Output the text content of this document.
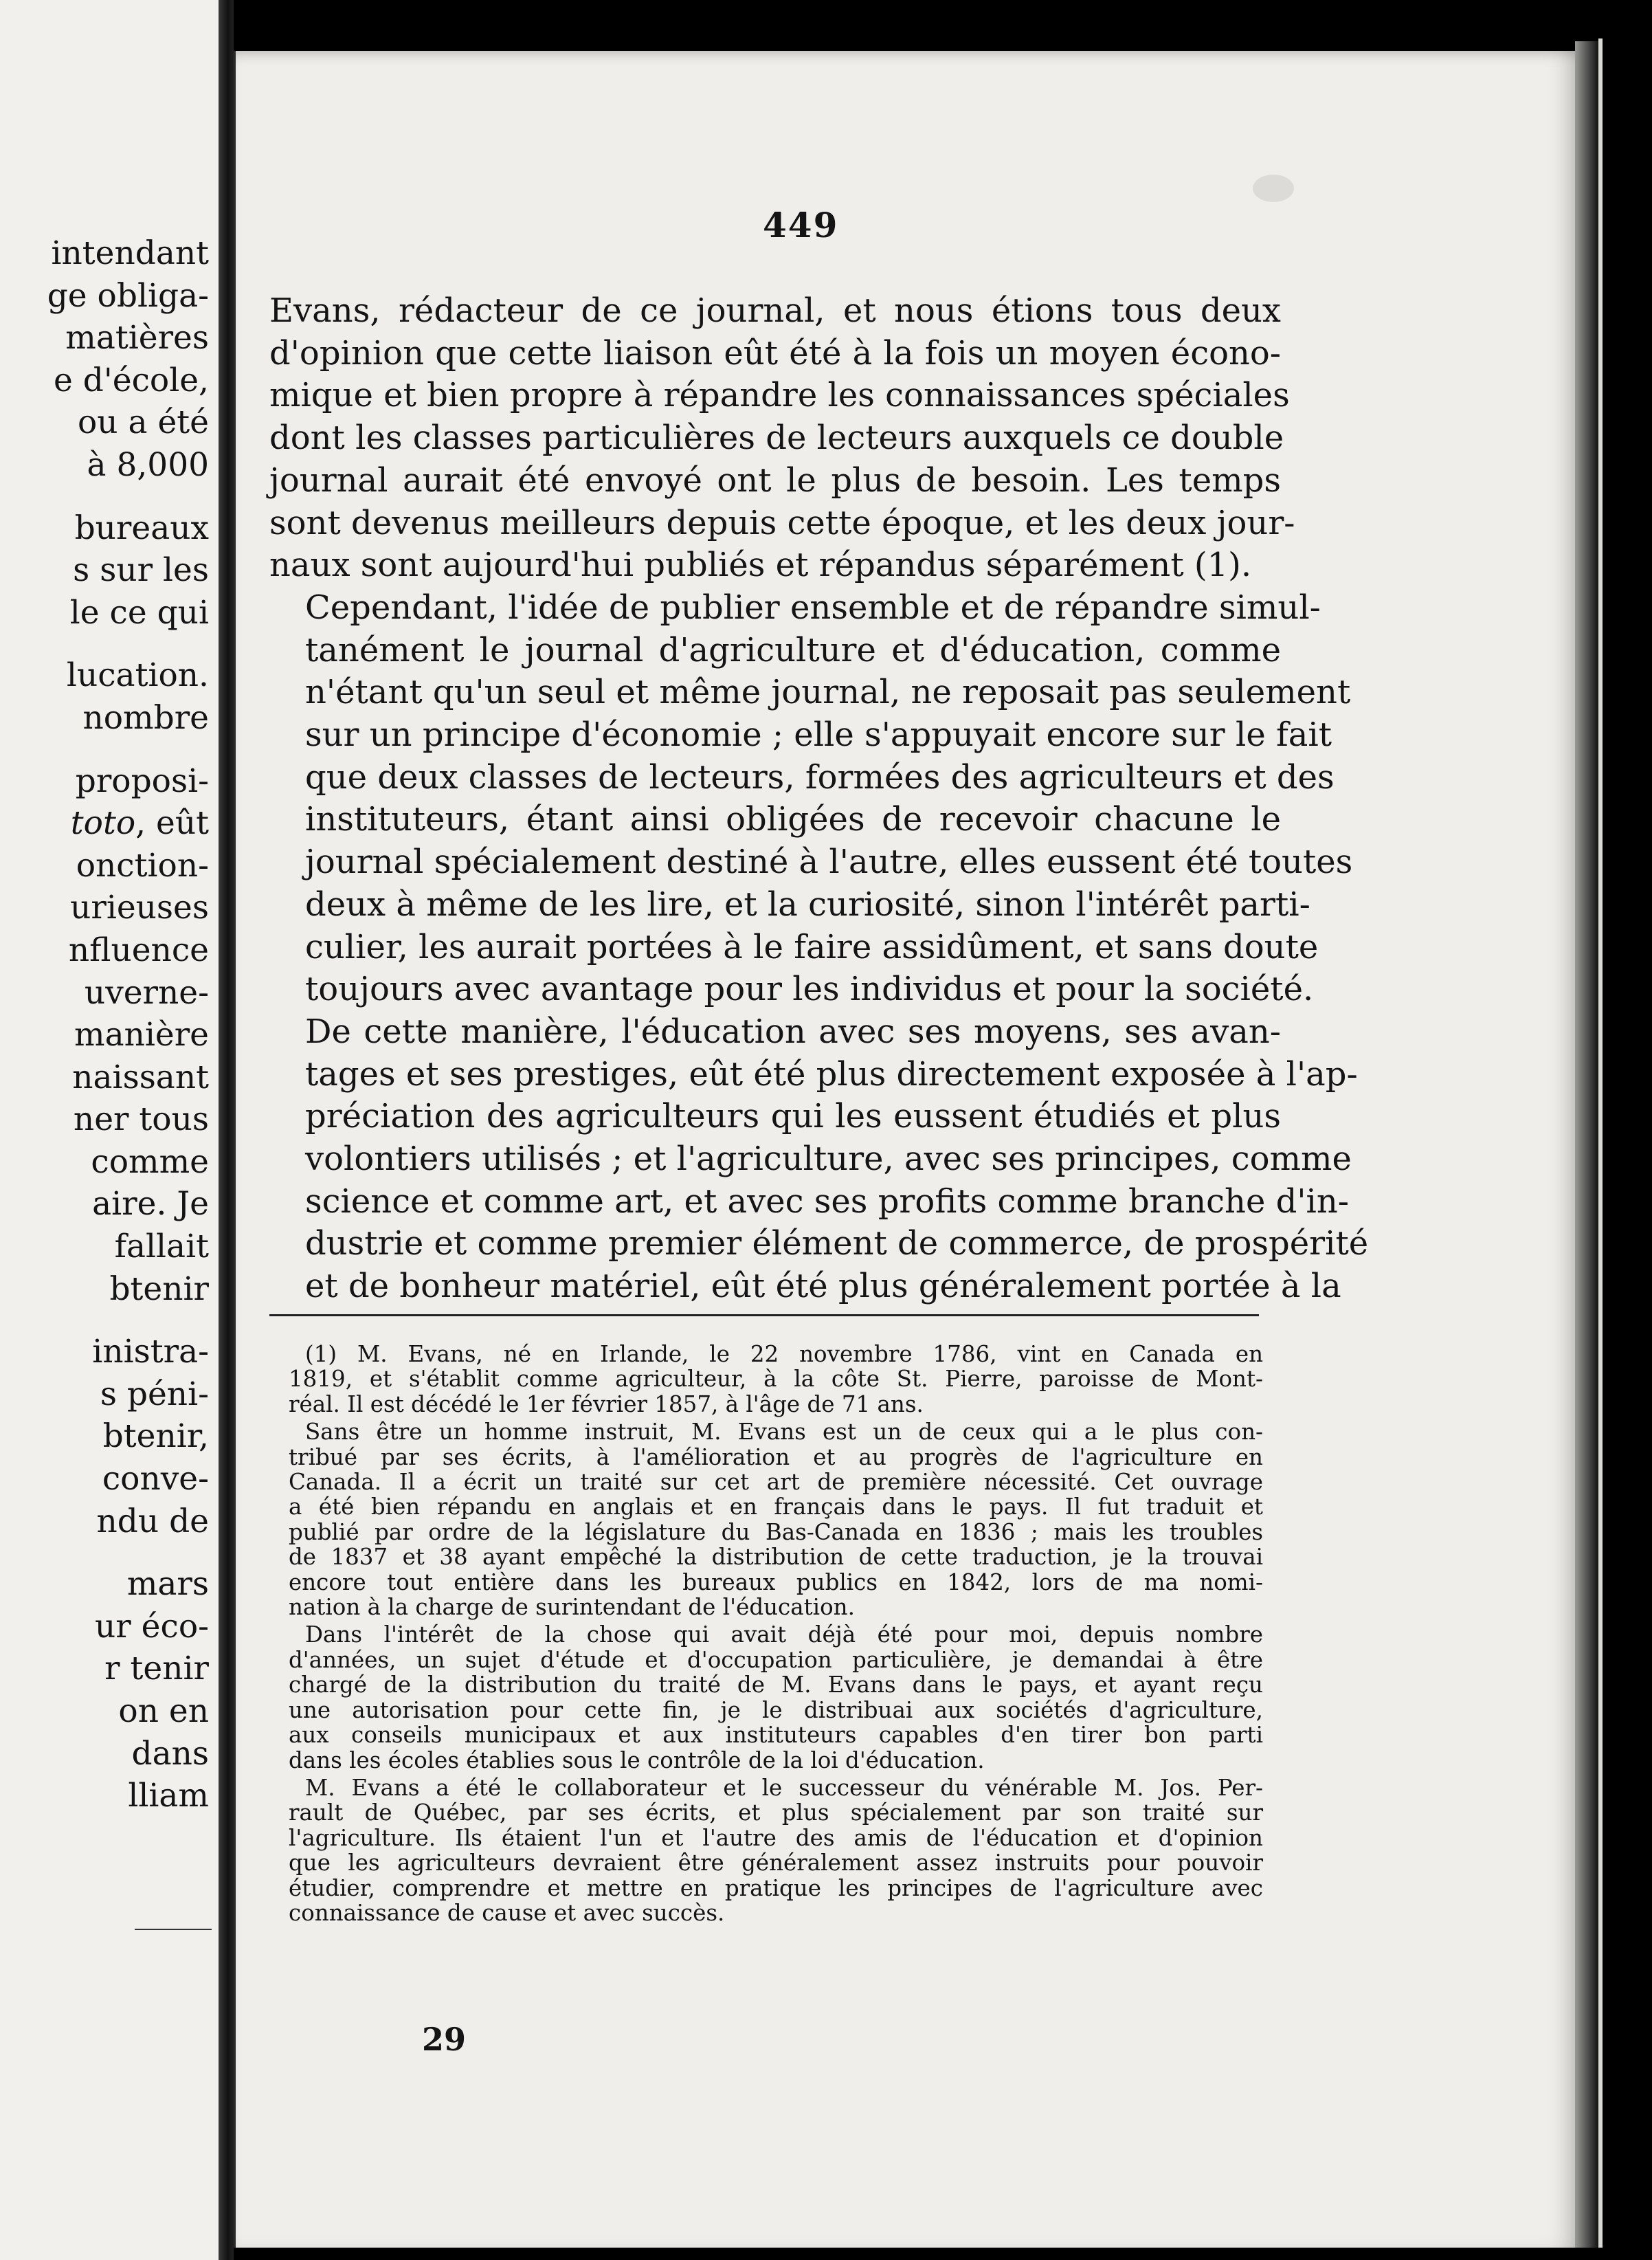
intendant
ge obliga-
matières
e d'école,
ou a été
à 8,000
bureaux
s sur les
le ce qui
lucation.
nombre
proposi-
toto, eût
onction-
urieuses
nfluence
uverne-
manière
naissant
ner tous
comme
aire. Je
fallait
btenir
inistra-
s péni-
btenir,
conve-
ndu de
mars
ur éco-
r tenir
on en
dans
lliam
449

Evans, rédacteur de ce journal, et nous étions tous deux
d'opinion que cette liaison eût été à la fois un moyen écono-
mique et bien propre à répandre les connaissances spéciales
dont les classes particulières de lecteurs auxquels ce double
journal aurait été envoyé ont le plus de besoin. Les temps
sont devenus meilleurs depuis cette époque, et les deux jour-
naux sont aujourd'hui publiés et répandus séparément (1).

Cependant, l'idée de publier ensemble et de répandre simul-
tanément le journal d'agriculture et d'éducation, comme
n'étant qu'un seul et même journal, ne reposait pas seulement
sur un principe d'économie ; elle s'appuyait encore sur le fait
que deux classes de lecteurs, formées des agriculteurs et des
instituteurs, étant ainsi obligées de recevoir chacune le
journal spécialement destiné à l'autre, elles eussent été toutes
deux à même de les lire, et la curiosité, sinon l'intérêt parti-
culier, les aurait portées à le faire assidûment, et sans doute
toujours avec avantage pour les individus et pour la société.

De cette manière, l'éducation avec ses moyens, ses avan-
tages et ses prestiges, eût été plus directement exposée à l'ap-
préciation des agriculteurs qui les eussent étudiés et plus
volontiers utilisés ; et l'agriculture, avec ses principes, comme
science et comme art, et avec ses profits comme branche d'in-
dustrie et comme premier élément de commerce, de prospérité
et de bonheur matériel, eût été plus généralement portée à la

(1) M. Evans, né en Irlande, le 22 novembre 1786, vint en Canada en
1819, et s'établit comme agriculteur, à la côte St. Pierre, paroisse de Mont-
réal. Il est décédé le 1er février 1857, à l'âge de 71 ans.

Sans être un homme instruit, M. Evans est un de ceux qui a le plus con-
tribué par ses écrits, à l'amélioration et au progrès de l'agriculture en
Canada. Il a écrit un traité sur cet art de première nécessité. Cet ouvrage
a été bien répandu en anglais et en français dans le pays. Il fut traduit et
publié par ordre de la législature du Bas-Canada en 1836 ; mais les troubles
de 1837 et 38 ayant empêché la distribution de cette traduction, je la trouvai
encore tout entière dans les bureaux publics en 1842, lors de ma nomi-
nation à la charge de surintendant de l'éducation.

Dans l'intérêt de la chose qui avait déjà été pour moi, depuis nombre
d'années, un sujet d'étude et d'occupation particulière, je demandai à être
chargé de la distribution du traité de M. Evans dans le pays, et ayant reçu
une autorisation pour cette fin, je le distribuai aux sociétés d'agriculture,
aux conseils municipaux et aux instituteurs capables d'en tirer bon parti
dans les écoles établies sous le contrôle de la loi d'éducation.

M. Evans a été le collaborateur et le successeur du vénérable M. Jos. Per-
rault de Québec, par ses écrits, et plus spécialement par son traité sur
l'agriculture. Ils étaient l'un et l'autre des amis de l'éducation et d'opinion
que les agriculteurs devraient être généralement assez instruits pour pouvoir
étudier, comprendre et mettre en pratique les principes de l'agriculture avec
connaissance de cause et avec succès.

29
